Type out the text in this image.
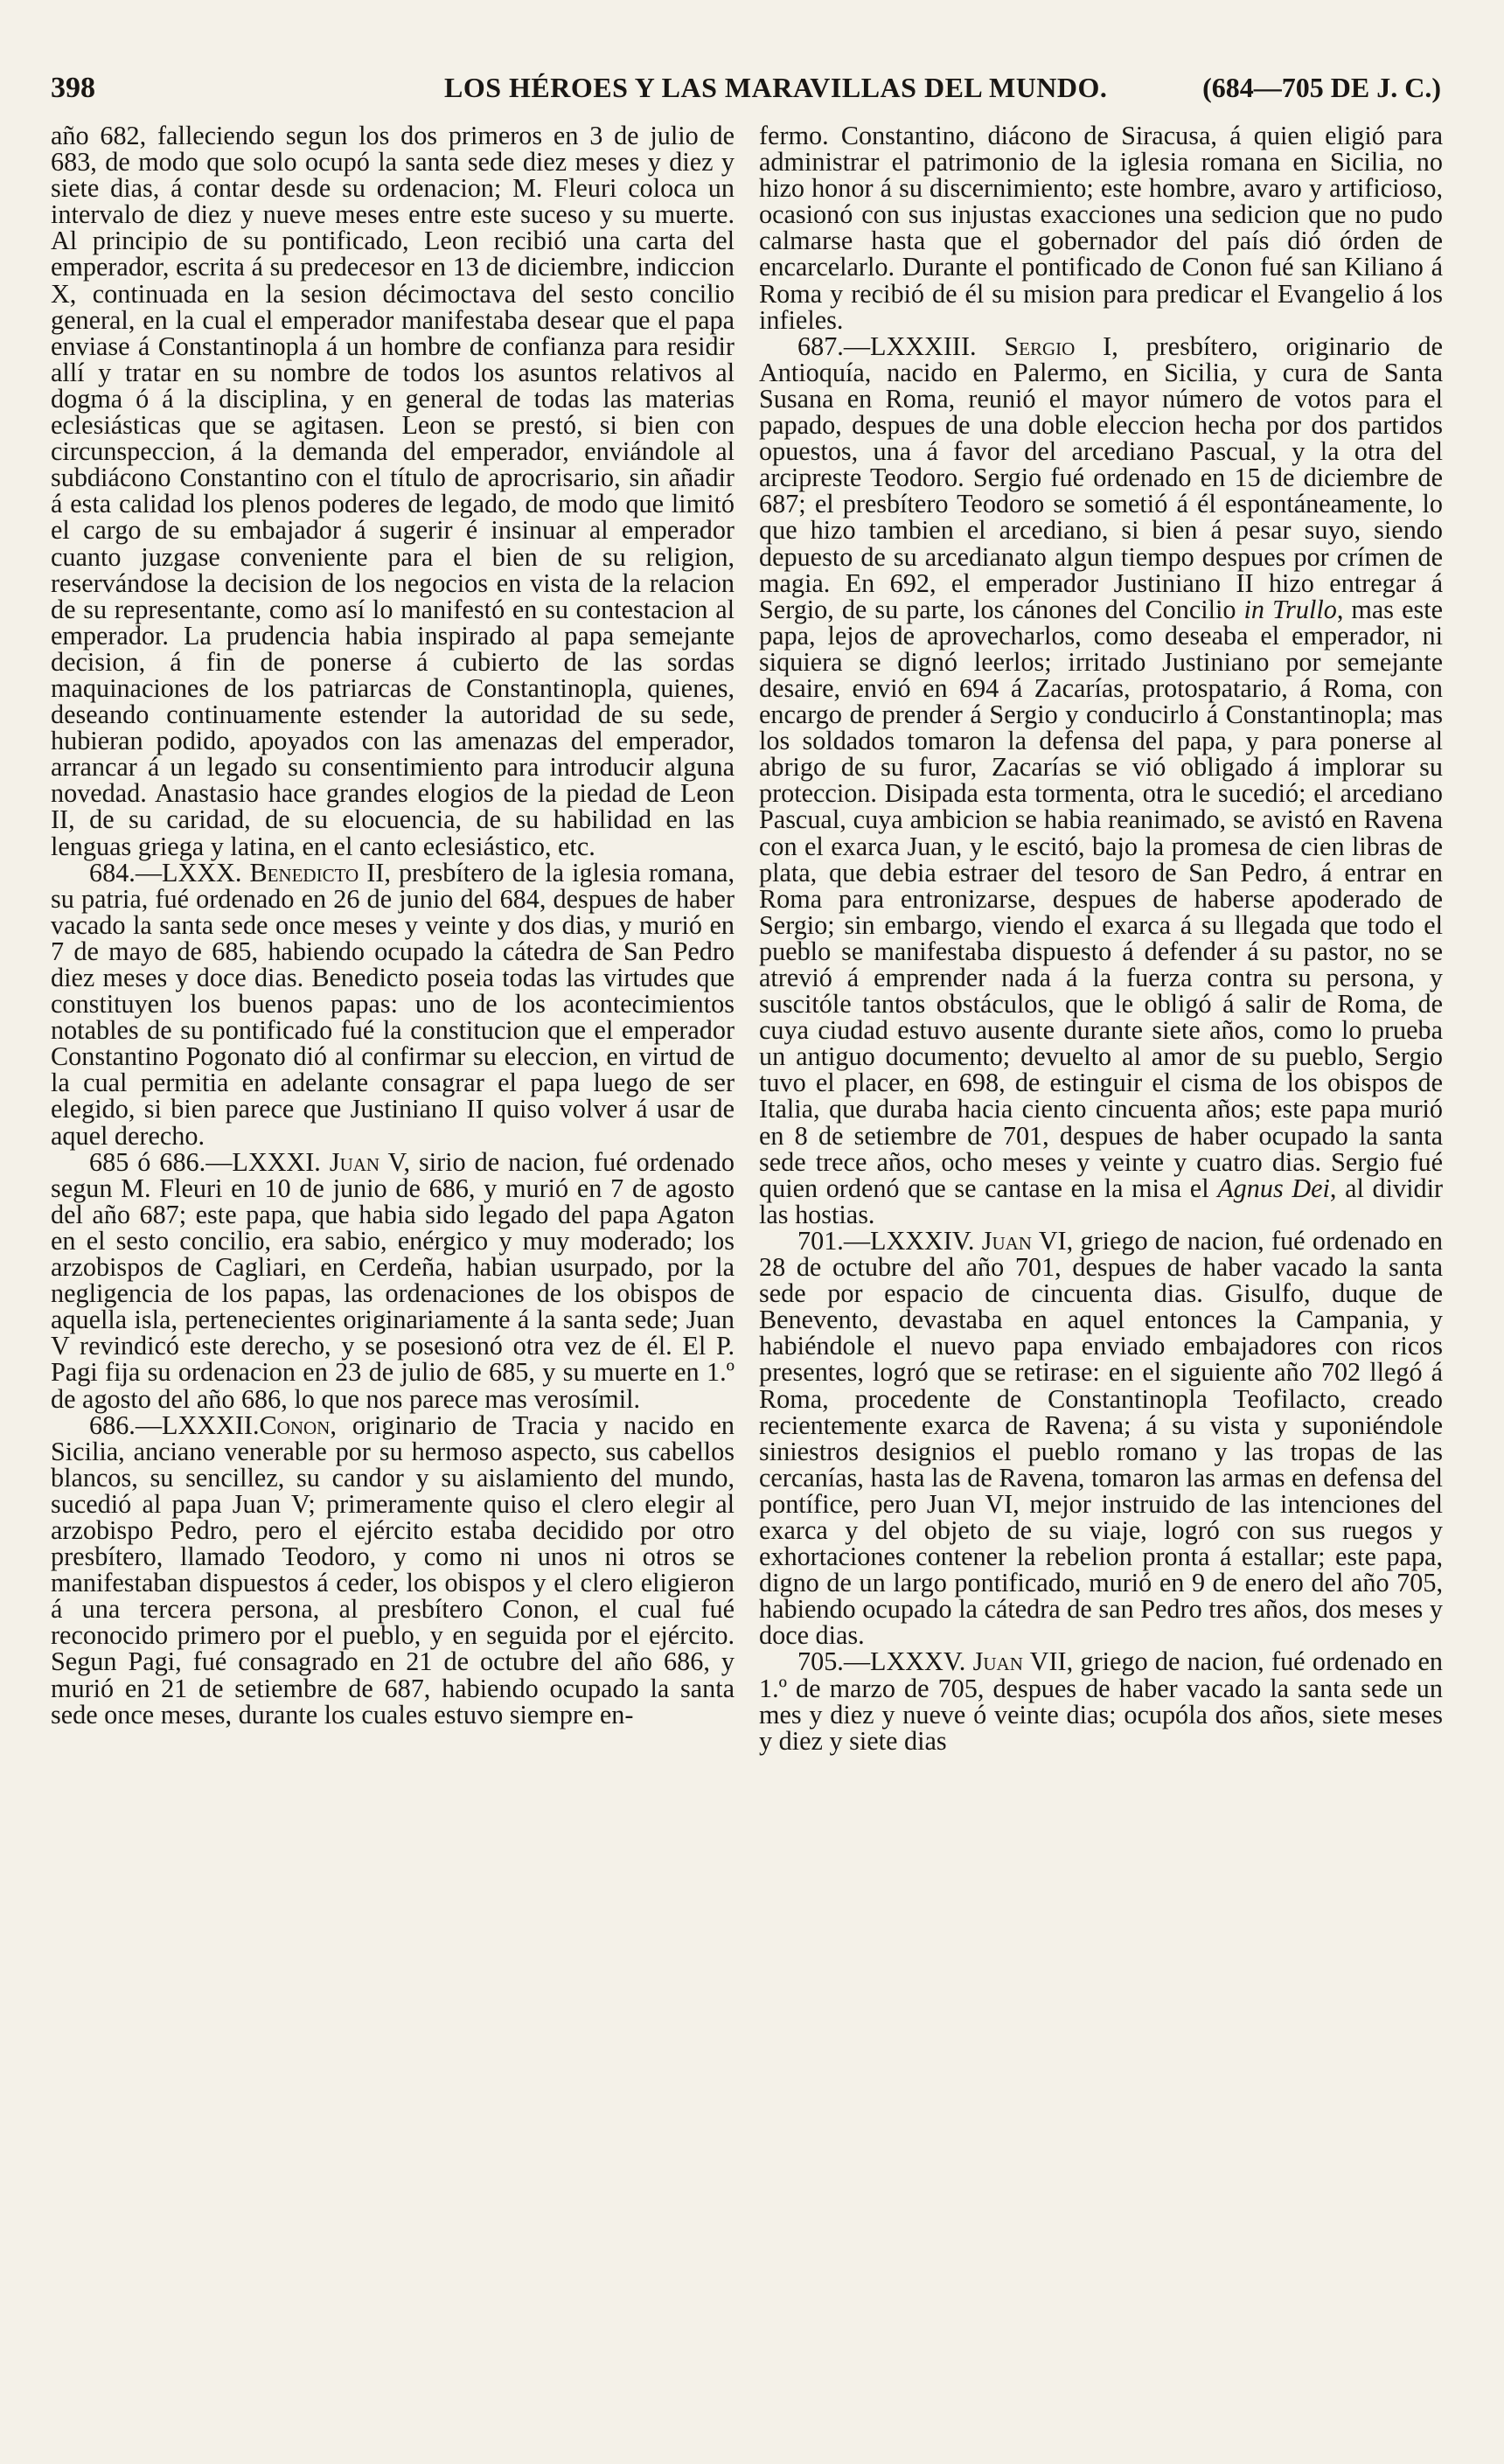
398	LOS HÉROES Y LAS MARAVILLAS DEL MUNDO.	(684—705 DE J. C.)

año 682, falleciendo segun los dos primeros en 3 de julio de 683, de modo que solo ocupó la santa sede diez meses y diez y siete dias, á contar desde su ordenacion; M. Fleuri coloca un intervalo de diez y nueve meses entre este suceso y su muerte. Al principio de su pontificado, Leon recibió una carta del emperador, escrita á su predecesor en 13 de diciembre, indiccion X, continuada en la sesion décimoctava del sesto concilio general, en la cual el emperador manifestaba desear que el papa enviase á Constantinopla á un hombre de confianza para residir allí y tratar en su nombre de todos los asuntos relativos al dogma ó á la disciplina, y en general de todas las materias eclesiásticas que se agitasen. Leon se prestó, si bien con circunspeccion, á la demanda del emperador, enviándole al subdiácono Constantino con el título de aprocrisario, sin añadir á esta calidad los plenos poderes de legado, de modo que limitó el cargo de su embajador á sugerir é insinuar al emperador cuanto juzgase conveniente para el bien de su religion, reservándose la decision de los negocios en vista de la relacion de su representante, como así lo manifestó en su contestacion al emperador. La prudencia habia inspirado al papa semejante decision, á fin de ponerse á cubierto de las sordas maquinaciones de los patriarcas de Constantinopla, quienes, deseando continuamente estender la autoridad de su sede, hubieran podido, apoyados con las amenazas del emperador, arrancar á un legado su consentimiento para introducir alguna novedad. Anastasio hace grandes elogios de la piedad de Leon II, de su caridad, de su elocuencia, de su habilidad en las lenguas griega y latina, en el canto eclesiástico, etc.

684.—LXXX. Benedicto II, presbítero de la iglesia romana, su patria, fué ordenado en 26 de junio del 684, despues de haber vacado la santa sede once meses y veinte y dos dias, y murió en 7 de mayo de 685, habiendo ocupado la cátedra de San Pedro diez meses y doce dias. Benedicto poseia todas las virtudes que constituyen los buenos papas: uno de los acontecimientos notables de su pontificado fué la constitucion que el emperador Constantino Pogonato dió al confirmar su eleccion, en virtud de la cual permitia en adelante consagrar el papa luego de ser elegido, si bien parece que Justiniano II quiso volver á usar de aquel derecho.

685 ó 686.—LXXXI. Juan V, sirio de nacion, fué ordenado segun M. Fleuri en 10 de junio de 686, y murió en 7 de agosto del año 687; este papa, que habia sido legado del papa Agaton en el sesto concilio, era sabio, enérgico y muy moderado; los arzobispos de Cagliari, en Cerdeña, habian usurpado, por la negligencia de los papas, las ordenaciones de los obispos de aquella isla, pertenecientes originariamente á la santa sede; Juan V revindicó este derecho, y se posesionó otra vez de él. El P. Pagi fija su ordenacion en 23 de julio de 685, y su muerte en 1.º de agosto del año 686, lo que nos parece mas verosímil.

686.—LXXXII.Conon, originario de Tracia y nacido en Sicilia, anciano venerable por su hermoso aspecto, sus cabellos blancos, su sencillez, su candor y su aislamiento del mundo, sucedió al papa Juan V; primeramente quiso el clero elegir al arzobispo Pedro, pero el ejército estaba decidido por otro presbítero, llamado Teodoro, y como ni unos ni otros se manifestaban dispuestos á ceder, los obispos y el clero eligieron á una tercera persona, al presbítero Conon, el cual fué reconocido primero por el pueblo, y en seguida por el ejército. Segun Pagi, fué consagrado en 21 de octubre del año 686, y murió en 21 de setiembre de 687, habiendo ocupado la santa sede once meses, durante los cuales estuvo siempre en-

fermo. Constantino, diácono de Siracusa, á quien eligió para administrar el patrimonio de la iglesia romana en Sicilia, no hizo honor á su discernimiento; este hombre, avaro y artificioso, ocasionó con sus injustas exacciones una sedicion que no pudo calmarse hasta que el gobernador del país dió órden de encarcelarlo. Durante el pontificado de Conon fué san Kiliano á Roma y recibió de él su mision para predicar el Evangelio á los infieles.

687.—LXXXIII. Sergio I, presbítero, originario de Antioquía, nacido en Palermo, en Sicilia, y cura de Santa Susana en Roma, reunió el mayor número de votos para el papado, despues de una doble eleccion hecha por dos partidos opuestos, una á favor del arcediano Pascual, y la otra del arcipreste Teodoro. Sergio fué ordenado en 15 de diciembre de 687; el presbítero Teodoro se sometió á él espontáneamente, lo que hizo tambien el arcediano, si bien á pesar suyo, siendo depuesto de su arcedianato algun tiempo despues por crímen de magia. En 692, el emperador Justiniano II hizo entregar á Sergio, de su parte, los cánones del Concilio in Trullo, mas este papa, lejos de aprovecharlos, como deseaba el emperador, ni siquiera se dignó leerlos; irritado Justiniano por semejante desaire, envió en 694 á Zacarías, protospatario, á Roma, con encargo de prender á Sergio y conducirlo á Constantinopla; mas los soldados tomaron la defensa del papa, y para ponerse al abrigo de su furor, Zacarías se vió obligado á implorar su proteccion. Disipada esta tormenta, otra le sucedió; el arcediano Pascual, cuya ambicion se habia reanimado, se avistó en Ravena con el exarca Juan, y le escitó, bajo la promesa de cien libras de plata, que debia estraer del tesoro de San Pedro, á entrar en Roma para entronizarse, despues de haberse apoderado de Sergio; sin embargo, viendo el exarca á su llegada que todo el pueblo se manifestaba dispuesto á defender á su pastor, no se atrevió á emprender nada á la fuerza contra su persona, y suscitóle tantos obstáculos, que le obligó á salir de Roma, de cuya ciudad estuvo ausente durante siete años, como lo prueba un antiguo documento; devuelto al amor de su pueblo, Sergio tuvo el placer, en 698, de estinguir el cisma de los obispos de Italia, que duraba hacia ciento cincuenta años; este papa murió en 8 de setiembre de 701, despues de haber ocupado la santa sede trece años, ocho meses y veinte y cuatro dias. Sergio fué quien ordenó que se cantase en la misa el Agnus Dei, al dividir las hostias.

701.—LXXXIV. Juan VI, griego de nacion, fué ordenado en 28 de octubre del año 701, despues de haber vacado la santa sede por espacio de cincuenta dias. Gisulfo, duque de Benevento, devastaba en aquel entonces la Campania, y habiéndole el nuevo papa enviado embajadores con ricos presentes, logró que se retirase: en el siguiente año 702 llegó á Roma, procedente de Constantinopla Teofilacto, creado recientemente exarca de Ravena; á su vista y suponiéndole siniestros designios el pueblo romano y las tropas de las cercanías, hasta las de Ravena, tomaron las armas en defensa del pontífice, pero Juan VI, mejor instruido de las intenciones del exarca y del objeto de su viaje, logró con sus ruegos y exhortaciones contener la rebelion pronta á estallar; este papa, digno de un largo pontificado, murió en 9 de enero del año 705, habiendo ocupado la cátedra de san Pedro tres años, dos meses y doce dias.

705.—LXXXV. Juan VII, griego de nacion, fué ordenado en 1.º de marzo de 705, despues de haber vacado la santa sede un mes y diez y nueve ó veinte dias; ocupóla dos años, siete meses y diez y siete dias
